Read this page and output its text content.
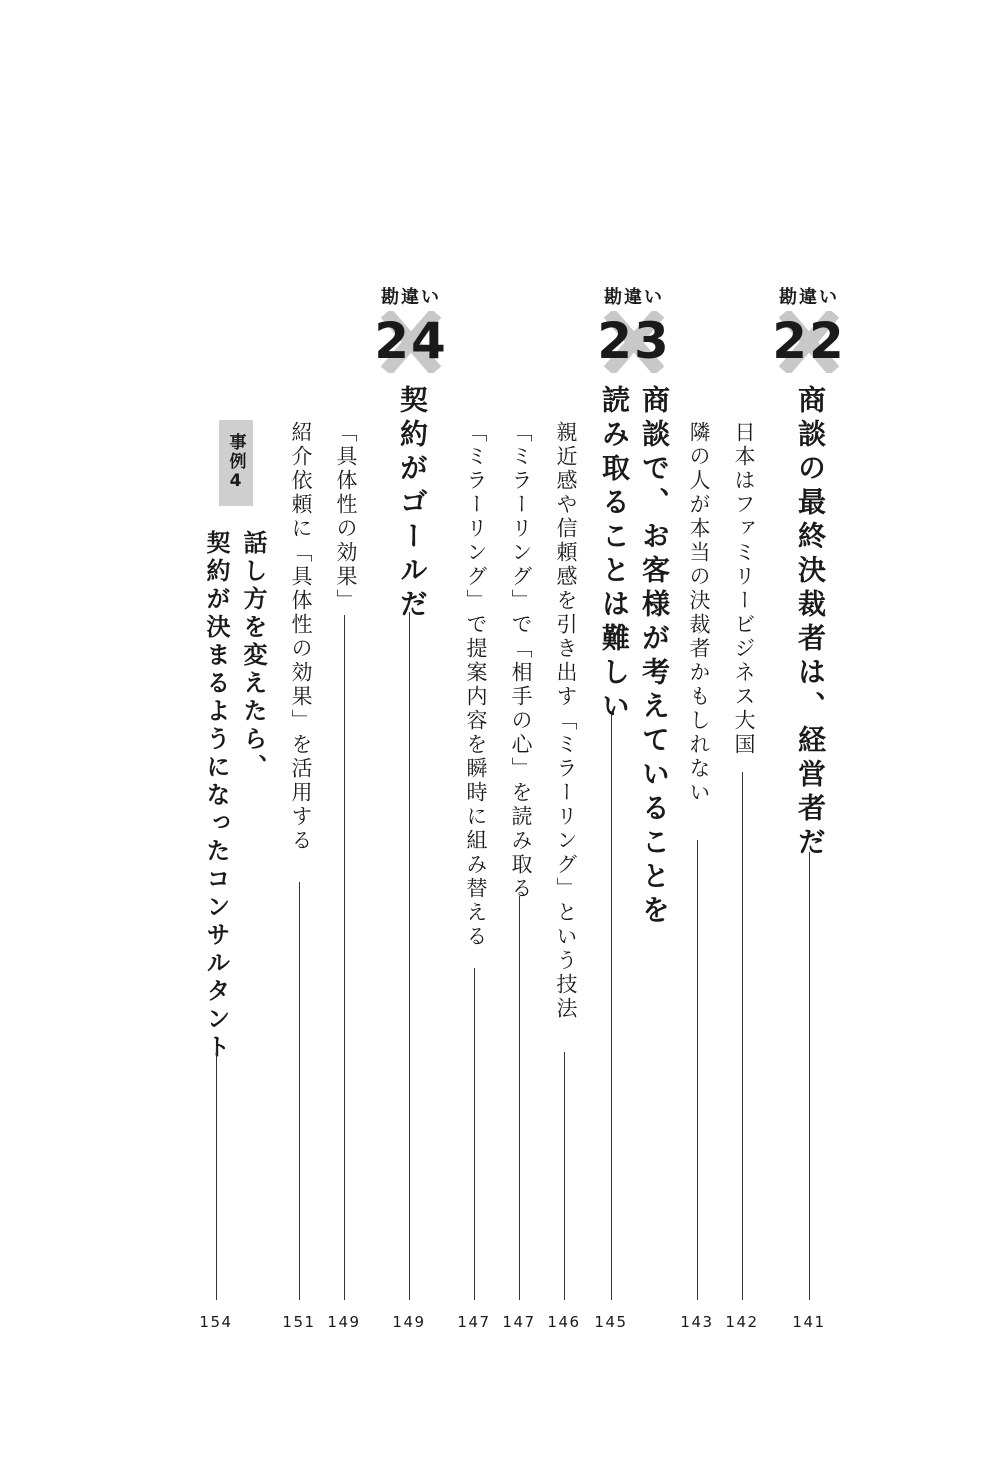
勘違い
22
商談の最終決裁者は、経営者だ
141
日本はファミリービジネス大国
142
隣の人が本当の決裁者かもしれない
143
勘違い
23
商談で、お客様が考えていることを
読み取ることは難しい
145
親近感や信頼感を引き出す「ミラーリング」という技法
146
「ミラーリング」で「相手の心」を読み取る
147
「ミラーリング」で提案内容を瞬時に組み替える
147
勘違い
24
契約がゴールだ
149
「具体性の効果」
149
紹介依頼に「具体性の効果」を活用する
151
事例4
話し方を変えたら、
契約が決まるようになったコンサルタント
154
